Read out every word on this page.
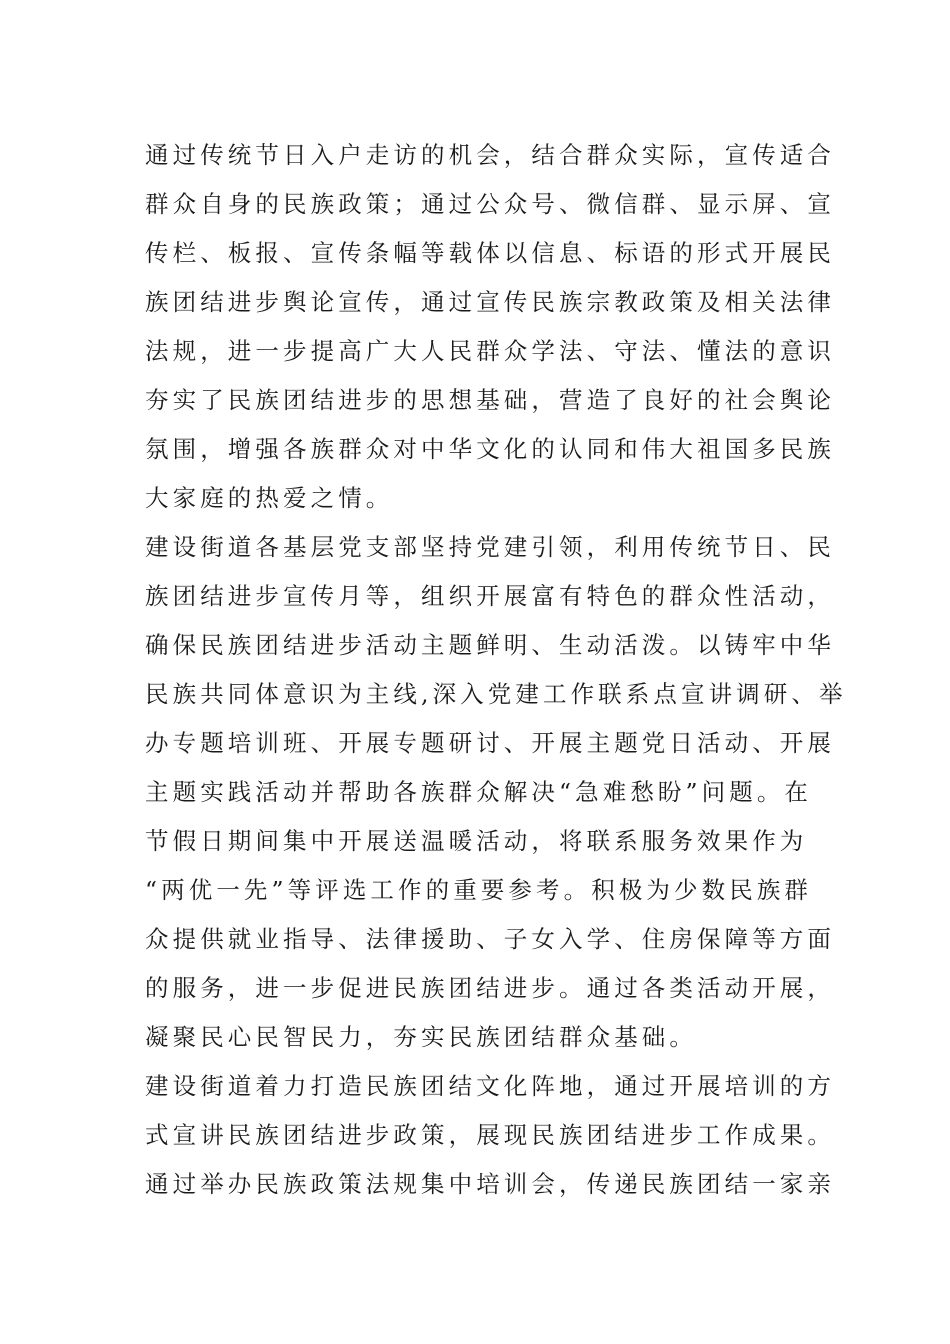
通过传统节日入户走访的机会，结合群众实际，宣传适合
群众自身的民族政策；通过公众号、微信群、显示屏、宣
传栏、板报、宣传条幅等载体以信息、标语的形式开展民
族团结进步舆论宣传，通过宣传民族宗教政策及相关法律
法规，进一步提高广大人民群众学法、守法、懂法的意识
夯实了民族团结进步的思想基础，营造了良好的社会舆论
氛围，增强各族群众对中华文化的认同和伟大祖国多民族
大家庭的热爱之情。
建设街道各基层党支部坚持党建引领，利用传统节日、民
族团结进步宣传月等，组织开展富有特色的群众性活动，
确保民族团结进步活动主题鲜明、生动活泼。以铸牢中华
民族共同体意识为主线,深入党建工作联系点宣讲调研、举
办专题培训班、开展专题研讨、开展主题党日活动、开展
主题实践活动并帮助各族群众解决“急难愁盼”问题。在
节假日期间集中开展送温暖活动，将联系服务效果作为
“两优一先”等评选工作的重要参考。积极为少数民族群
众提供就业指导、法律援助、子女入学、住房保障等方面
的服务，进一步促进民族团结进步。通过各类活动开展，
凝聚民心民智民力，夯实民族团结群众基础。
建设街道着力打造民族团结文化阵地，通过开展培训的方
式宣讲民族团结进步政策，展现民族团结进步工作成果。
通过举办民族政策法规集中培训会，传递民族团结一家亲
